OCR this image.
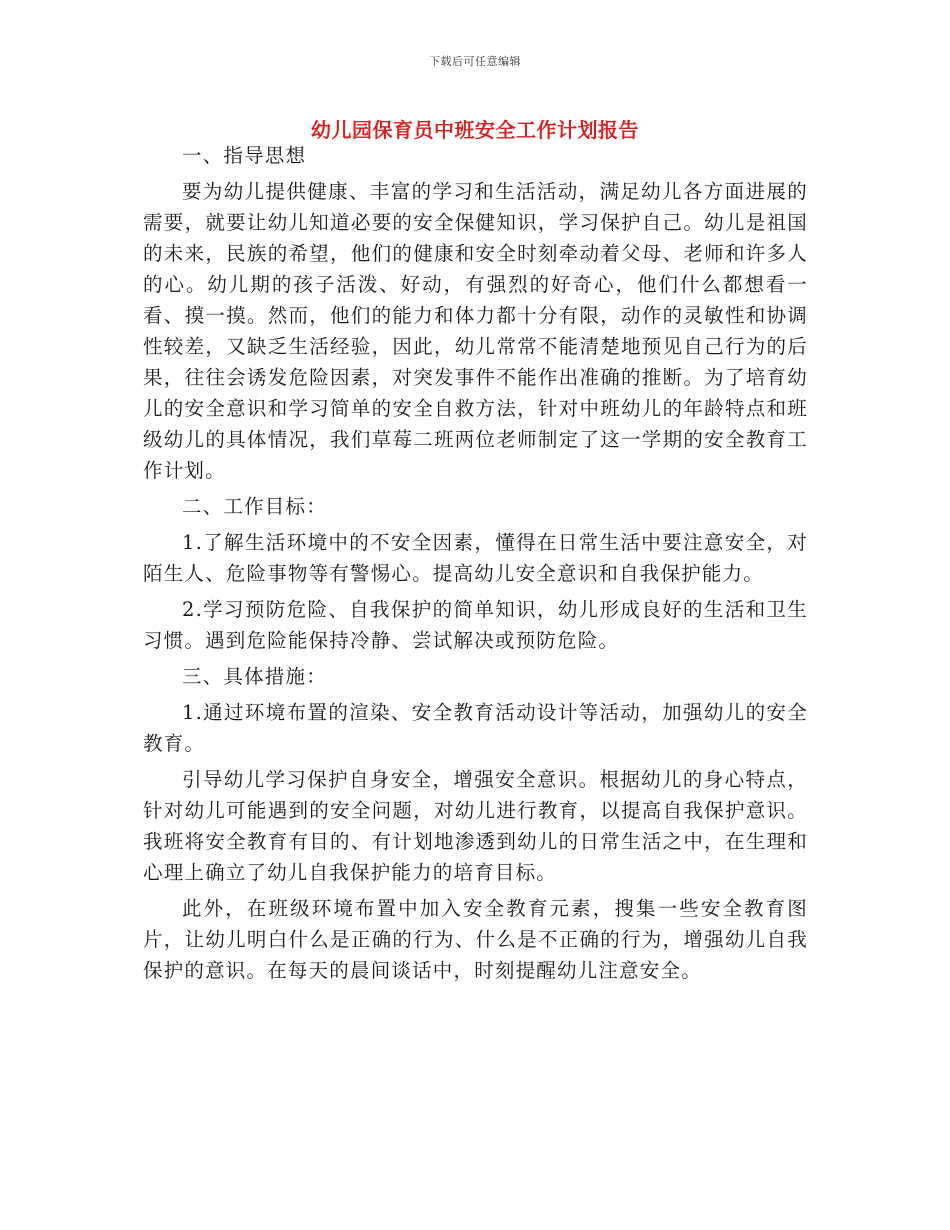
下载后可任意编辑
幼儿园保育员中班安全工作计划报告

一、指导思想

要为幼儿提供健康、丰富的学习和生活活动，满足幼儿各方面进展的需要，就要让幼儿知道必要的安全保健知识，学习保护自己。幼儿是祖国的未来，民族的希望，他们的健康和安全时刻牵动着父母、老师和许多人的心。幼儿期的孩子活泼、好动，有强烈的好奇心，他们什么都想看一看、摸一摸。然而，他们的能力和体力都十分有限，动作的灵敏性和协调性较差，又缺乏生活经验，因此，幼儿常常不能清楚地预见自己行为的后果，往往会诱发危险因素，对突发事件不能作出准确的推断。为了培育幼儿的安全意识和学习简单的安全自救方法，针对中班幼儿的年龄特点和班级幼儿的具体情况，我们草莓二班两位老师制定了这一学期的安全教育工作计划。

二、工作目标：

1.了解生活环境中的不安全因素，懂得在日常生活中要注意安全，对陌生人、危险事物等有警惕心。提高幼儿安全意识和自我保护能力。

2.学习预防危险、自我保护的简单知识，幼儿形成良好的生活和卫生习惯。遇到危险能保持冷静、尝试解决或预防危险。

三、具体措施：

1.通过环境布置的渲染、安全教育活动设计等活动，加强幼儿的安全教育。

引导幼儿学习保护自身安全，增强安全意识。根据幼儿的身心特点，针对幼儿可能遇到的安全问题，对幼儿进行教育，以提高自我保护意识。我班将安全教育有目的、有计划地渗透到幼儿的日常生活之中，在生理和心理上确立了幼儿自我保护能力的培育目标。

此外，在班级环境布置中加入安全教育元素，搜集一些安全教育图片，让幼儿明白什么是正确的行为、什么是不正确的行为，增强幼儿自我保护的意识。在每天的晨间谈话中，时刻提醒幼儿注意安全。
